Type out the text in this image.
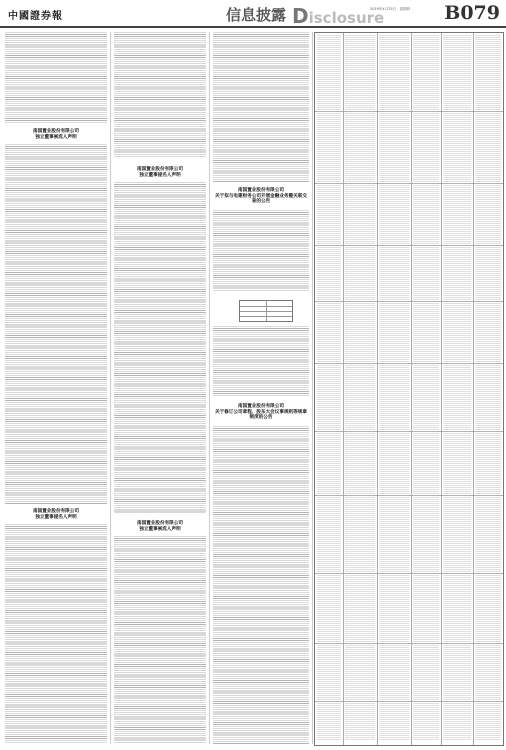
中國證券報	信息披露 Disclosure
2019年4月25日　星期四 B079
南国置业股份有限公司
独立董事候选人声明
南国置业股份有限公司
独立董事提名人声明
南国置业股份有限公司
独立董事提名人声明
南国置业股份有限公司
独立董事候选人声明
南国置业股份有限公司
关于拟与电建财务公司开展金融业务暨关联交易的公告
南国置业股份有限公司
关于修订公司章程、股东大会议事规则等规章制度的公告
